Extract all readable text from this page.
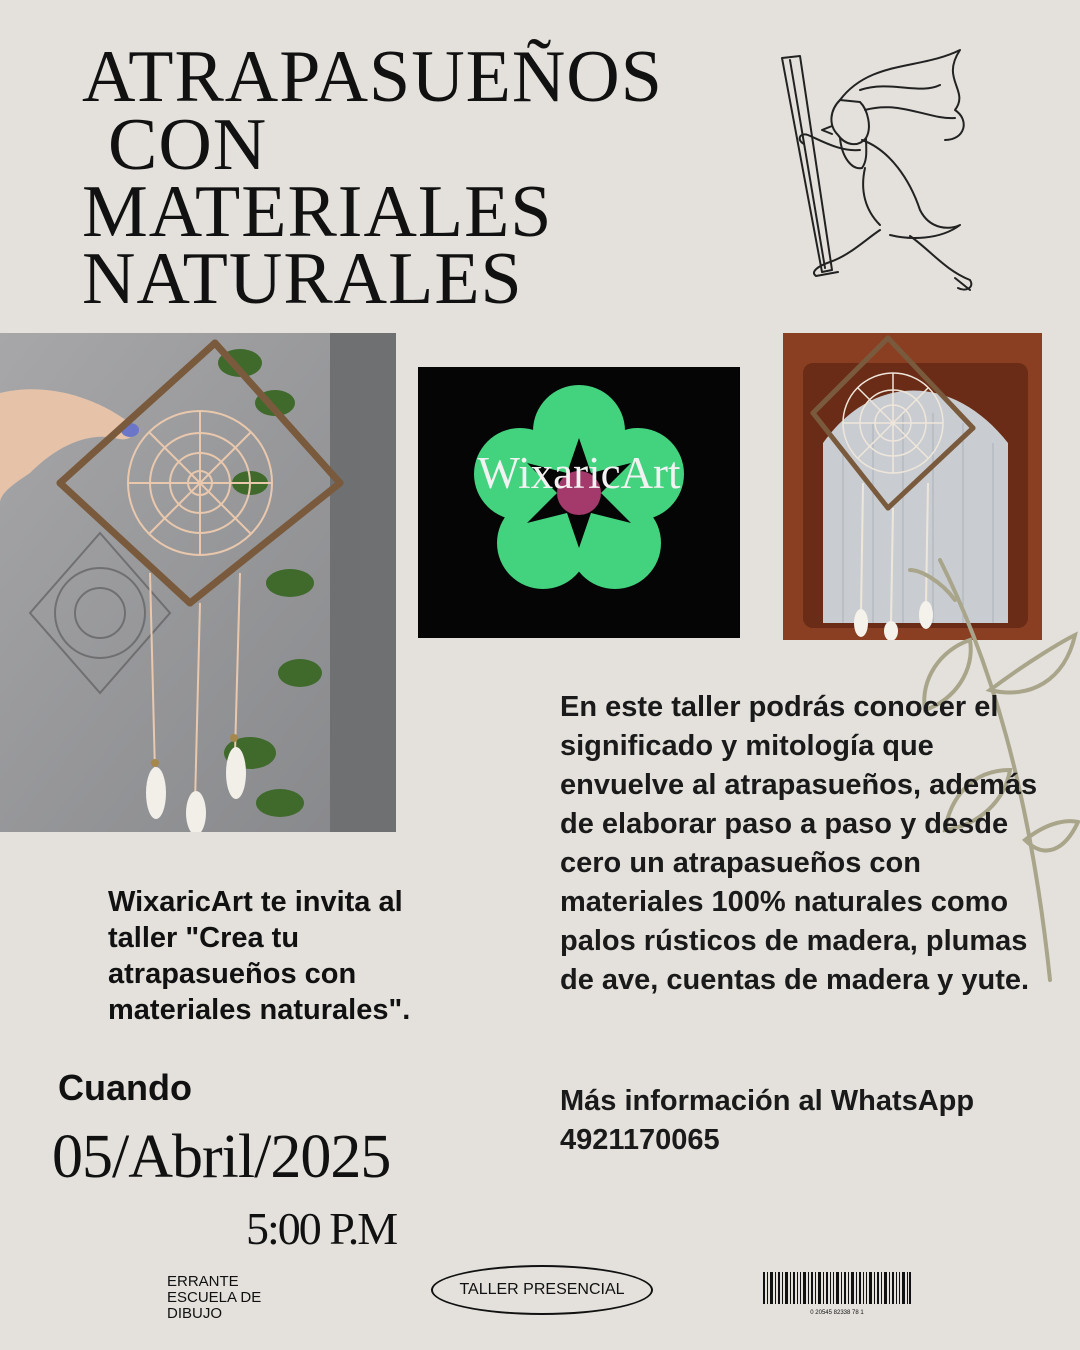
ATRAPASUEÑOS
CON
MATERIALES
NATURALES
WixaricArt
WixaricArt te invita al taller "Crea tu atrapasueños con materiales naturales".
En este taller podrás conocer el significado y mitología que envuelve al atrapasueños, además de elaborar paso a paso y desde cero un atrapasueños con materiales 100% naturales como palos rústicos de madera, plumas de ave, cuentas de madera y yute.
Más información al WhatsApp
4921170065
Cuando
05/Abril/2025
5:00 P.M
ERRANTE
ESCUELA DE
DIBUJO
TALLER PRESENCIAL
0 20545 82338 78 1
